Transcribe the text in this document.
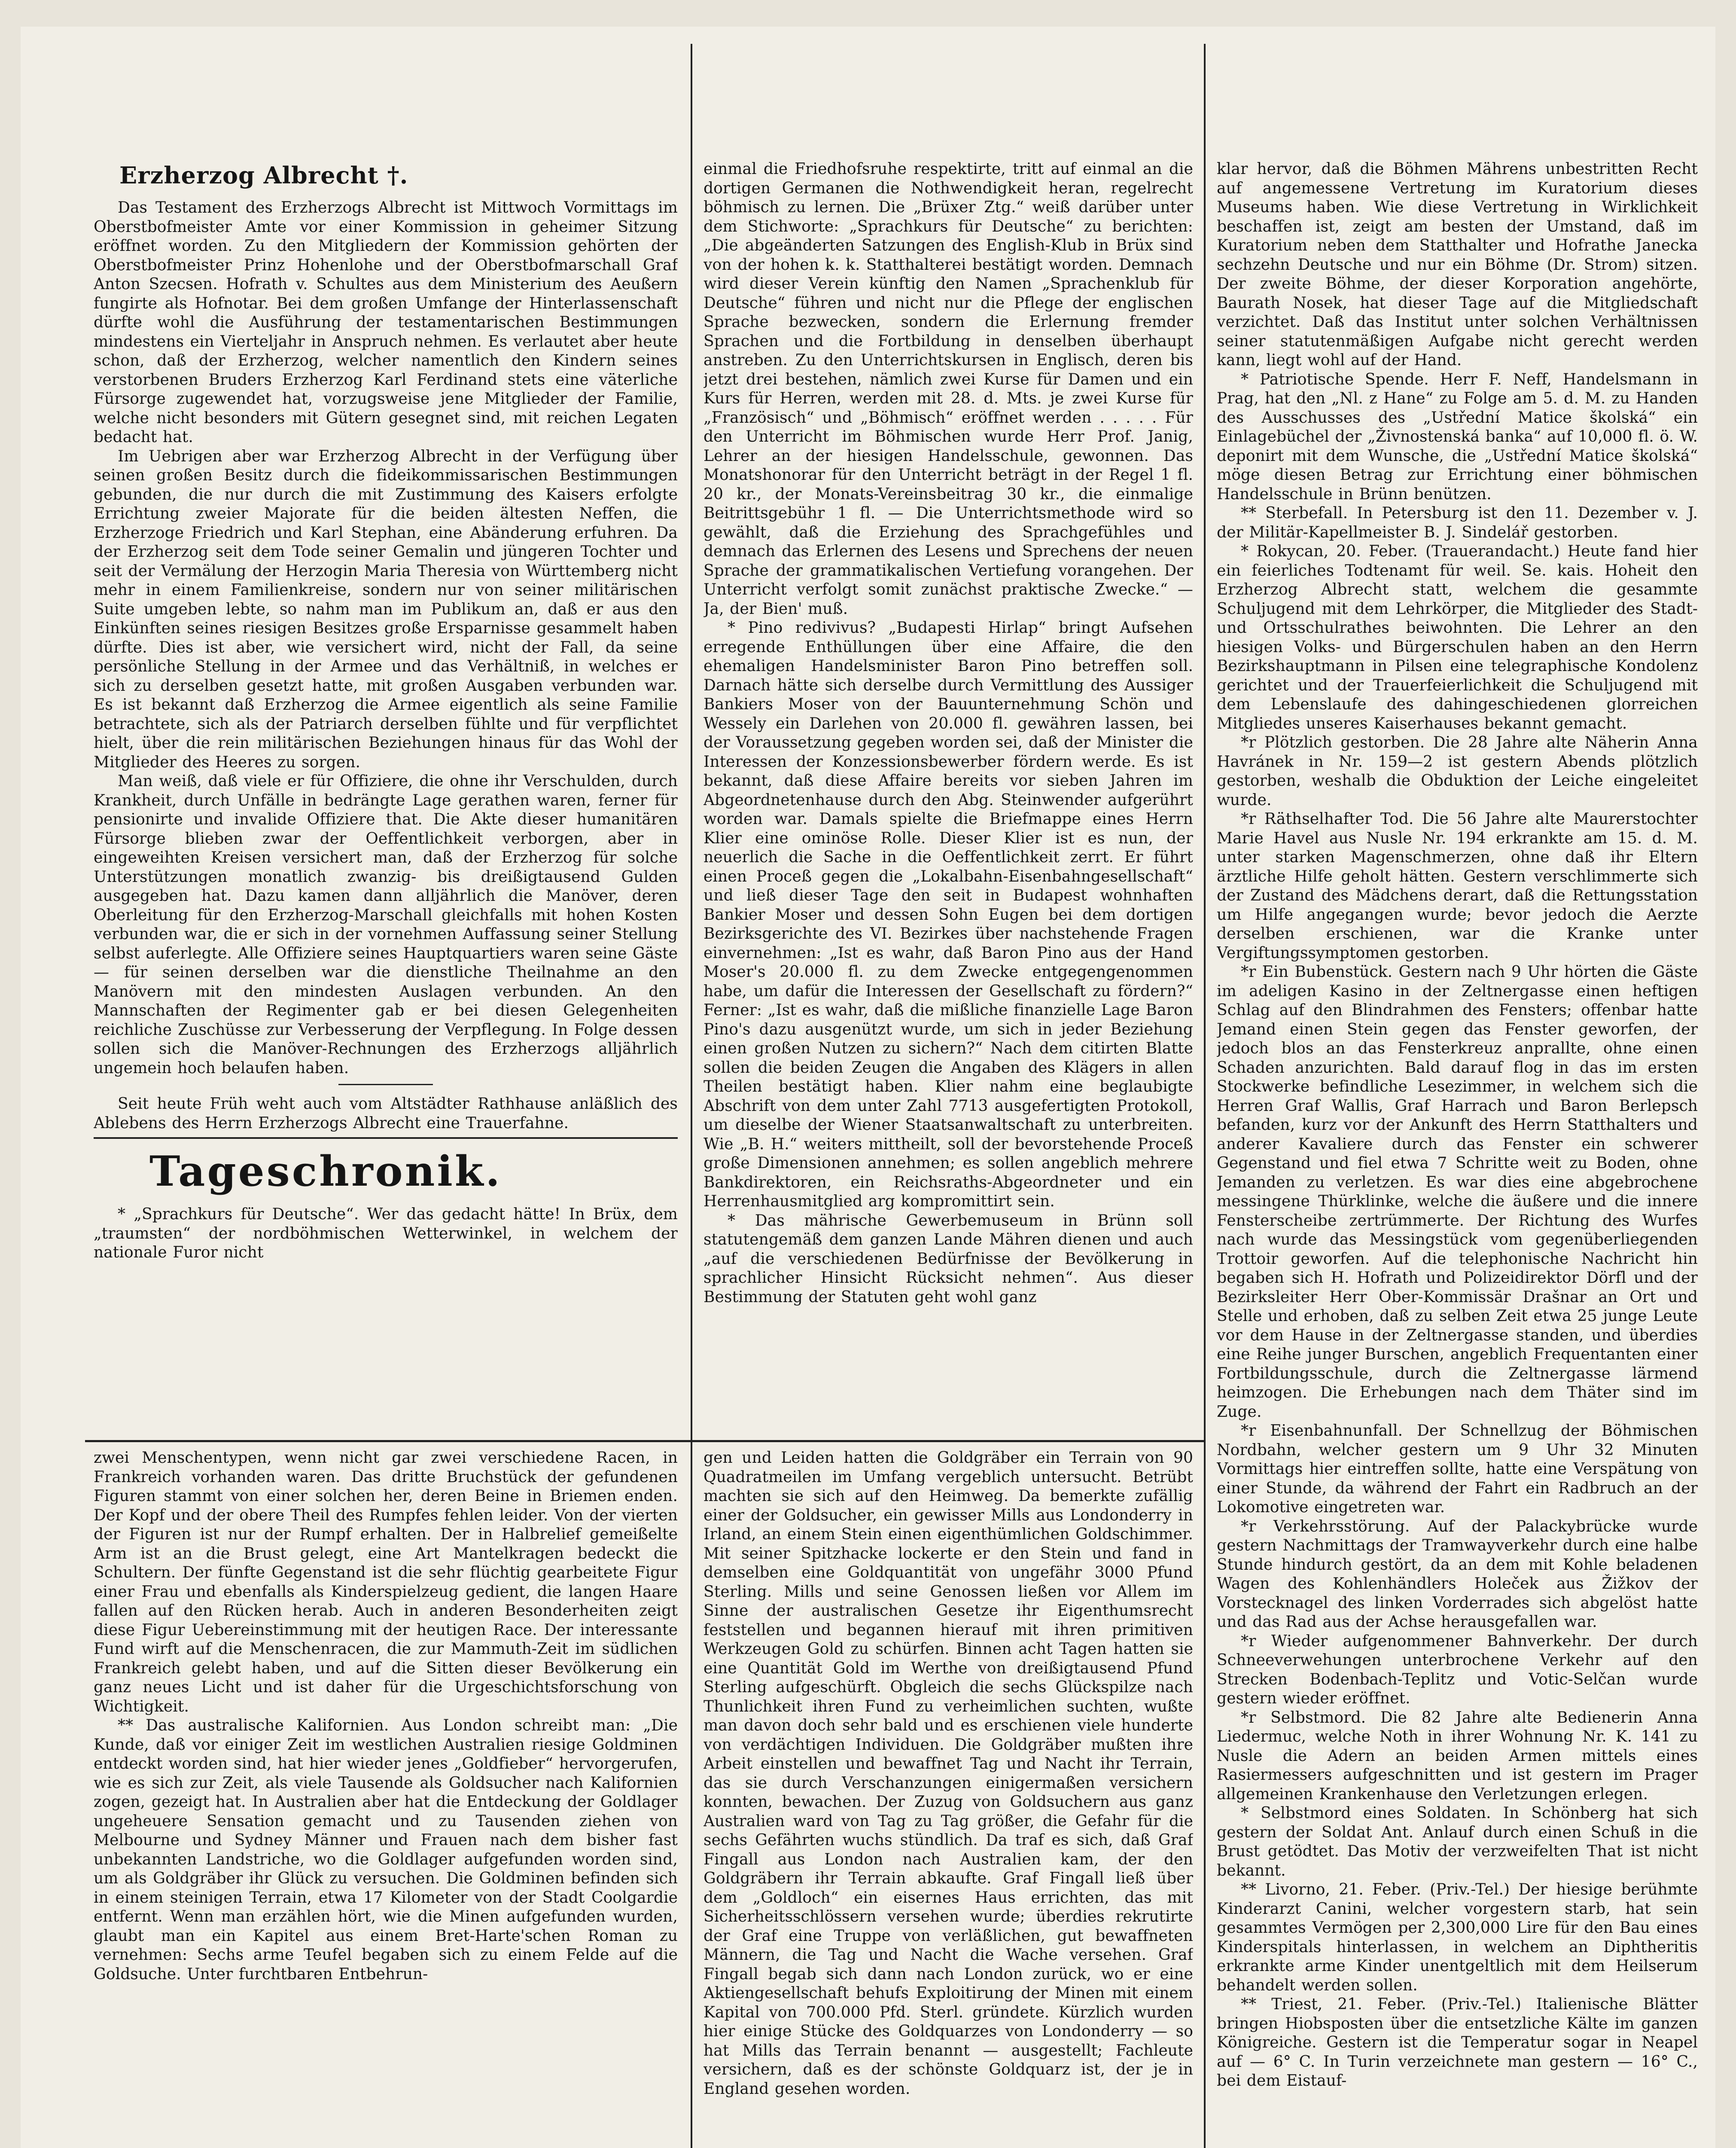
Erzherzog Albrecht †.

Das Testament des Erzherzogs Albrecht ist Mittwoch Vormittags im Oberstbofmeister Amte vor einer Kommission in geheimer Sitzung eröffnet worden. Zu den Mitgliedern der Kommission gehörten der Oberstbofmeister Prinz Hohenlohe und der Oberstbofmarschall Graf Anton Szecsen. Hofrath v. Schultes aus dem Ministerium des Aeußern fungirte als Hofnotar. Bei dem großen Umfange der Hinterlassenschaft dürfte wohl die Ausführung der testamentarischen Bestimmungen mindestens ein Vierteljahr in Anspruch nehmen. Es verlautet aber heute schon, daß der Erzherzog, welcher namentlich den Kindern seines verstorbenen Bruders Erzherzog Karl Ferdinand stets eine väterliche Fürsorge zugewendet hat, vorzugsweise jene Mitglieder der Familie, welche nicht besonders mit Gütern gesegnet sind, mit reichen Legaten bedacht hat.

Im Uebrigen aber war Erzherzog Albrecht in der Verfügung über seinen großen Besitz durch die fideikommissarischen Bestimmungen gebunden, die nur durch die mit Zustimmung des Kaisers erfolgte Errichtung zweier Majorate für die beiden ältesten Neffen, die Erzherzoge Friedrich und Karl Stephan, eine Abänderung erfuhren. Da der Erzherzog seit dem Tode seiner Gemalin und jüngeren Tochter und seit der Vermälung der Herzogin Maria Theresia von Württemberg nicht mehr in einem Familienkreise, sondern nur von seiner militärischen Suite umgeben lebte, so nahm man im Publikum an, daß er aus den Einkünften seines riesigen Besitzes große Ersparnisse gesammelt haben dürfte. Dies ist aber, wie versichert wird, nicht der Fall, da seine persönliche Stellung in der Armee und das Verhältniß, in welches er sich zu derselben gesetzt hatte, mit großen Ausgaben verbunden war. Es ist bekannt daß Erzherzog die Armee eigentlich als seine Familie betrachtete, sich als der Patriarch derselben fühlte und für verpflichtet hielt, über die rein militärischen Beziehungen hinaus für das Wohl der Mitglieder des Heeres zu sorgen.

Man weiß, daß viele er für Offiziere, die ohne ihr Verschulden, durch Krankheit, durch Unfälle in bedrängte Lage gerathen waren, ferner für pensionirte und invalide Offiziere that. Die Akte dieser humanitären Fürsorge blieben zwar der Oeffentlichkeit verborgen, aber in eingeweihten Kreisen versichert man, daß der Erzherzog für solche Unterstützungen monatlich zwanzig- bis dreißigtausend Gulden ausgegeben hat. Dazu kamen dann alljährlich die Manöver, deren Oberleitung für den Erzherzog-Marschall gleichfalls mit hohen Kosten verbunden war, die er sich in der vornehmen Auffassung seiner Stellung selbst auferlegte. Alle Offiziere seines Hauptquartiers waren seine Gäste — für seinen derselben war die dienstliche Theilnahme an den Manövern mit den mindesten Auslagen verbunden. An den Mannschaften der Regimenter gab er bei diesen Gelegenheiten reichliche Zuschüsse zur Verbesserung der Verpflegung. In Folge dessen sollen sich die Manöver-Rechnungen des Erzherzogs alljährlich ungemein hoch belaufen haben.

Seit heute Früh weht auch vom Altstädter Rathhause anläßlich des Ablebens des Herrn Erzherzogs Albrecht eine Trauerfahne.

Tageschronik.

* „Sprachkurs für Deutsche“. Wer das gedacht hätte! In Brüx, dem „traumsten“ der nordböhmischen Wetterwinkel, in welchem der nationale Furor nicht

zwei Menschentypen, wenn nicht gar zwei verschiedene Racen, in Frankreich vorhanden waren. Das dritte Bruchstück der gefundenen Figuren stammt von einer solchen her, deren Beine in Briemen enden. Der Kopf und der obere Theil des Rumpfes fehlen leider. Von der vierten der Figuren ist nur der Rumpf erhalten. Der in Halbrelief gemeißelte Arm ist an die Brust gelegt, eine Art Mantelkragen bedeckt die Schultern. Der fünfte Gegenstand ist die sehr flüchtig gearbeitete Figur einer Frau und ebenfalls als Kinderspielzeug gedient, die langen Haare fallen auf den Rücken herab. Auch in anderen Besonderheiten zeigt diese Figur Uebereinstimmung mit der heutigen Race. Der interessante Fund wirft auf die Menschenracen, die zur Mammuth-Zeit im südlichen Frankreich gelebt haben, und auf die Sitten dieser Bevölkerung ein ganz neues Licht und ist daher für die Urgeschichtsforschung von Wichtigkeit.

** Das australische Kalifornien. Aus London schreibt man: „Die Kunde, daß vor einiger Zeit im westlichen Australien riesige Goldminen entdeckt worden sind, hat hier wieder jenes „Goldfieber“ hervorgerufen, wie es sich zur Zeit, als viele Tausende als Goldsucher nach Kalifornien zogen, gezeigt hat. In Australien aber hat die Entdeckung der Goldlager ungeheuere Sensation gemacht und zu Tausenden ziehen von Melbourne und Sydney Männer und Frauen nach dem bisher fast unbekannten Landstriche, wo die Goldlager aufgefunden worden sind, um als Goldgräber ihr Glück zu versuchen. Die Goldminen befinden sich in einem steinigen Terrain, etwa 17 Kilometer von der Stadt Coolgardie entfernt. Wenn man erzählen hört, wie die Minen aufgefunden wurden, glaubt man ein Kapitel aus einem Bret-Harte'schen Roman zu vernehmen: Sechs arme Teufel begaben sich zu einem Felde auf die Goldsuche. Unter furchtbaren Entbehrun-

einmal die Friedhofsruhe respektirte, tritt auf einmal an die dortigen Germanen die Nothwendigkeit heran, regelrecht böhmisch zu lernen. Die „Brüxer Ztg.“ weiß darüber unter dem Stichworte: „Sprachkurs für Deutsche“ zu berichten: „Die abgeänderten Satzungen des English-Klub in Brüx sind von der hohen k. k. Statthalterei bestätigt worden. Demnach wird dieser Verein künftig den Namen „Sprachenklub für Deutsche“ führen und nicht nur die Pflege der englischen Sprache bezwecken, sondern die Erlernung fremder Sprachen und die Fortbildung in denselben überhaupt anstreben. Zu den Unterrichtskursen in Englisch, deren bis jetzt drei bestehen, nämlich zwei Kurse für Damen und ein Kurs für Herren, werden mit 28. d. Mts. je zwei Kurse für „Französisch“ und „Böhmisch“ eröffnet werden . . . . . Für den Unterricht im Böhmischen wurde Herr Prof. Janig, Lehrer an der hiesigen Handelsschule, gewonnen. Das Monatshonorar für den Unterricht beträgt in der Regel 1 fl. 20 kr., der Monats-Vereinsbeitrag 30 kr., die einmalige Beitrittsgebühr 1 fl. — Die Unterrichtsmethode wird so gewählt, daß die Erziehung des Sprachgefühles und demnach das Erlernen des Lesens und Sprechens der neuen Sprache der grammatikalischen Vertiefung vorangehen. Der Unterricht verfolgt somit zunächst praktische Zwecke.“ — Ja, der Bien' muß.

* Pino redivivus? „Budapesti Hirlap“ bringt Aufsehen erregende Enthüllungen über eine Affaire, die den ehemaligen Handelsminister Baron Pino betreffen soll. Darnach hätte sich derselbe durch Vermittlung des Aussiger Bankiers Moser von der Bauunternehmung Schön und Wessely ein Darlehen von 20.000 fl. gewähren lassen, bei der Voraussetzung gegeben worden sei, daß der Minister die Interessen der Konzessionsbewerber fördern werde. Es ist bekannt, daß diese Affaire bereits vor sieben Jahren im Abgeordnetenhause durch den Abg. Steinwender aufgerührt worden war. Damals spielte die Briefmappe eines Herrn Klier eine ominöse Rolle. Dieser Klier ist es nun, der neuerlich die Sache in die Oeffentlichkeit zerrt. Er führt einen Proceß gegen die „Lokalbahn-Eisenbahngesellschaft“ und ließ dieser Tage den seit in Budapest wohnhaften Bankier Moser und dessen Sohn Eugen bei dem dortigen Bezirksgerichte des VI. Bezirkes über nachstehende Fragen einvernehmen: „Ist es wahr, daß Baron Pino aus der Hand Moser's 20.000 fl. zu dem Zwecke entgegengenommen habe, um dafür die Interessen der Gesellschaft zu fördern?“ Ferner: „Ist es wahr, daß die mißliche finanzielle Lage Baron Pino's dazu ausgenützt wurde, um sich in jeder Beziehung einen großen Nutzen zu sichern?“ Nach dem citirten Blatte sollen die beiden Zeugen die Angaben des Klägers in allen Theilen bestätigt haben. Klier nahm eine beglaubigte Abschrift von dem unter Zahl 7713 ausgefertigten Protokoll, um dieselbe der Wiener Staatsanwaltschaft zu unterbreiten. Wie „B. H.“ weiters mittheilt, soll der bevorstehende Proceß große Dimensionen annehmen; es sollen angeblich mehrere Bankdirektoren, ein Reichsraths-Abgeordneter und ein Herrenhausmitglied arg kompromittirt sein.

* Das mährische Gewerbemuseum in Brünn soll statutengemäß dem ganzen Lande Mähren dienen und auch „auf die verschiedenen Bedürfnisse der Bevölkerung in sprachlicher Hinsicht Rücksicht nehmen“. Aus dieser Bestimmung der Statuten geht wohl ganz

gen und Leiden hatten die Goldgräber ein Terrain von 90 Quadratmeilen im Umfang vergeblich untersucht. Betrübt machten sie sich auf den Heimweg. Da bemerkte zufällig einer der Goldsucher, ein gewisser Mills aus Londonderry in Irland, an einem Stein einen eigenthümlichen Goldschimmer. Mit seiner Spitzhacke lockerte er den Stein und fand in demselben eine Goldquantität von ungefähr 3000 Pfund Sterling. Mills und seine Genossen ließen vor Allem im Sinne der australischen Gesetze ihr Eigenthumsrecht feststellen und begannen hierauf mit ihren primitiven Werkzeugen Gold zu schürfen. Binnen acht Tagen hatten sie eine Quantität Gold im Werthe von dreißigtausend Pfund Sterling aufgeschürft. Obgleich die sechs Glückspilze nach Thunlichkeit ihren Fund zu verheimlichen suchten, wußte man davon doch sehr bald und es erschienen viele hunderte von verdächtigen Individuen. Die Goldgräber mußten ihre Arbeit einstellen und bewaffnet Tag und Nacht ihr Terrain, das sie durch Verschanzungen einigermaßen versichern konnten, bewachen. Der Zuzug von Goldsuchern aus ganz Australien ward von Tag zu Tag größer, die Gefahr für die sechs Gefährten wuchs stündlich. Da traf es sich, daß Graf Fingall aus London nach Australien kam, der den Goldgräbern ihr Terrain abkaufte. Graf Fingall ließ über dem „Goldloch“ ein eisernes Haus errichten, das mit Sicherheitsschlössern versehen wurde; überdies rekrutirte der Graf eine Truppe von verläßlichen, gut bewaffneten Männern, die Tag und Nacht die Wache versehen. Graf Fingall begab sich dann nach London zurück, wo er eine Aktiengesellschaft behufs Exploitirung der Minen mit einem Kapital von 700.000 Pfd. Sterl. gründete. Kürzlich wurden hier einige Stücke des Goldquarzes von Londonderry — so hat Mills das Terrain benannt — ausgestellt; Fachleute versichern, daß es der schönste Goldquarz ist, der je in England gesehen worden.

klar hervor, daß die Böhmen Mährens unbestritten Recht auf angemessene Vertretung im Kuratorium dieses Museums haben. Wie diese Vertretung in Wirklichkeit beschaffen ist, zeigt am besten der Umstand, daß im Kuratorium neben dem Statthalter und Hofrathe Janecka sechzehn Deutsche und nur ein Böhme (Dr. Strom) sitzen. Der zweite Böhme, der dieser Korporation angehörte, Baurath Nosek, hat dieser Tage auf die Mitgliedschaft verzichtet. Daß das Institut unter solchen Verhältnissen seiner statutenmäßigen Aufgabe nicht gerecht werden kann, liegt wohl auf der Hand.

* Patriotische Spende. Herr F. Neff, Handelsmann in Prag, hat den „Nl. z Hane“ zu Folge am 5. d. M. zu Handen des Ausschusses des „Ustřední Matice školská“ ein Einlagebüchel der „Živnostenská banka“ auf 10,000 fl. ö. W. deponirt mit dem Wunsche, die „Ustřední Matice školská“ möge diesen Betrag zur Errichtung einer böhmischen Handelsschule in Brünn benützen.

** Sterbefall. In Petersburg ist den 11. Dezember v. J. der Militär-Kapellmeister B. J. Sindelář gestorben.

* Rokycan, 20. Feber. (Trauerandacht.) Heute fand hier ein feierliches Todtenamt für weil. Se. kais. Hoheit den Erzherzog Albrecht statt, welchem die gesammte Schuljugend mit dem Lehrkörper, die Mitglieder des Stadt- und Ortsschulrathes beiwohnten. Die Lehrer an den hiesigen Volks- und Bürgerschulen haben an den Herrn Bezirkshauptmann in Pilsen eine telegraphische Kondolenz gerichtet und der Trauerfeierlichkeit die Schuljugend mit dem Lebenslaufe des dahingeschiedenen glorreichen Mitgliedes unseres Kaiserhauses bekannt gemacht.

*r Plötzlich gestorben. Die 28 Jahre alte Näherin Anna Havránek in Nr. 159—2 ist gestern Abends plötzlich gestorben, weshalb die Obduktion der Leiche eingeleitet wurde.

*r Räthselhafter Tod. Die 56 Jahre alte Maurerstochter Marie Havel aus Nusle Nr. 194 erkrankte am 15. d. M. unter starken Magenschmerzen, ohne daß ihr Eltern ärztliche Hilfe geholt hätten. Gestern verschlimmerte sich der Zustand des Mädchens derart, daß die Rettungsstation um Hilfe angegangen wurde; bevor jedoch die Aerzte derselben erschienen, war die Kranke unter Vergiftungssymptomen gestorben.

*r Ein Bubenstück. Gestern nach 9 Uhr hörten die Gäste im adeligen Kasino in der Zeltnergasse einen heftigen Schlag auf den Blindrahmen des Fensters; offenbar hatte Jemand einen Stein gegen das Fenster geworfen, der jedoch blos an das Fensterkreuz anprallte, ohne einen Schaden anzurichten. Bald darauf flog in das im ersten Stockwerke befindliche Lesezimmer, in welchem sich die Herren Graf Wallis, Graf Harrach und Baron Berlepsch befanden, kurz vor der Ankunft des Herrn Statthalters und anderer Kavaliere durch das Fenster ein schwerer Gegenstand und fiel etwa 7 Schritte weit zu Boden, ohne Jemanden zu verletzen. Es war dies eine abgebrochene messingene Thürklinke, welche die äußere und die innere Fensterscheibe zertrümmerte. Der Richtung des Wurfes nach wurde das Messingstück vom gegenüberliegenden Trottoir geworfen. Auf die telephonische Nachricht hin begaben sich H. Hofrath und Polizeidirektor Dörfl und der Bezirksleiter Herr Ober-Kommissär Drašnar an Ort und Stelle und erhoben, daß zu selben Zeit etwa 25 junge Leute vor dem Hause in der Zeltnergasse standen, und überdies eine Reihe junger Burschen, angeblich Frequentanten einer Fortbildungsschule, durch die Zeltnergasse lärmend heimzogen. Die Erhebungen nach dem Thäter sind im Zuge.

*r Eisenbahnunfall. Der Schnellzug der Böhmischen Nordbahn, welcher gestern um 9 Uhr 32 Minuten Vormittags hier eintreffen sollte, hatte eine Verspätung von einer Stunde, da während der Fahrt ein Radbruch an der Lokomotive eingetreten war.

*r Verkehrsstörung. Auf der Palackybrücke wurde gestern Nachmittags der Tramwayverkehr durch eine halbe Stunde hindurch gestört, da an dem mit Kohle beladenen Wagen des Kohlenhändlers Holeček aus Žižkov der Vorstecknagel des linken Vorderrades sich abgelöst hatte und das Rad aus der Achse herausgefallen war.

*r Wieder aufgenommener Bahnverkehr. Der durch Schneeverwehungen unterbrochene Verkehr auf den Strecken Bodenbach-Teplitz und Votic-Selčan wurde gestern wieder eröffnet.

*r Selbstmord. Die 82 Jahre alte Bedienerin Anna Liedermuc, welche Noth in ihrer Wohnung Nr. K. 141 zu Nusle die Adern an beiden Armen mittels eines Rasiermessers aufgeschnitten und ist gestern im Prager allgemeinen Krankenhause den Verletzungen erlegen.

* Selbstmord eines Soldaten. In Schönberg hat sich gestern der Soldat Ant. Anlauf durch einen Schuß in die Brust getödtet. Das Motiv der verzweifelten That ist nicht bekannt.

** Livorno, 21. Feber. (Priv.-Tel.) Der hiesige berühmte Kinderarzt Canini, welcher vorgestern starb, hat sein gesammtes Vermögen per 2,300,000 Lire für den Bau eines Kinderspitals hinterlassen, in welchem an Diphtheritis erkrankte arme Kinder unentgeltlich mit dem Heilserum behandelt werden sollen.

** Triest, 21. Feber. (Priv.-Tel.) Italienische Blätter bringen Hiobsposten über die entsetzliche Kälte im ganzen Königreiche. Gestern ist die Temperatur sogar in Neapel auf — 6° C. In Turin verzeichnete man gestern — 16° C., bei dem Eistauf-
